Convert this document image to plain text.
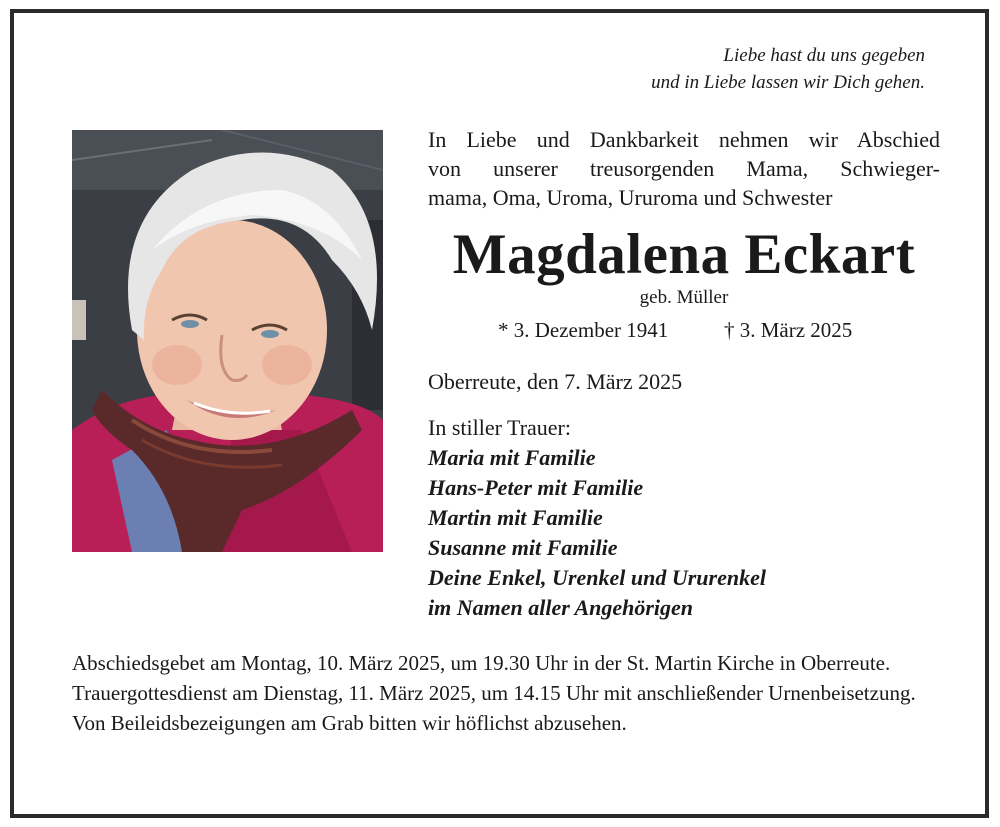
Liebe hast du uns gegeben
und in Liebe lassen wir Dich gehen.
In Liebe und Dankbarkeit nehmen wir Abschied
von unserer treusorgenden Mama, Schwieger-
mama, Oma, Uroma, Ururoma und Schwester
Magdalena Eckart
geb. Müller
* 3. Dezember 1941	† 3. März 2025
Oberreute, den 7. März 2025
In stiller Trauer:
Maria mit Familie
Hans-Peter mit Familie
Martin mit Familie
Susanne mit Familie
Deine Enkel, Urenkel und Ururenkel
im Namen aller Angehörigen
Abschiedsgebet am Montag, 10. März 2025, um 19.30 Uhr in der St. Martin Kirche in Oberreute.
Trauergottesdienst am Dienstag, 11. März 2025, um 14.15 Uhr mit anschließender Urnenbeisetzung.
Von Beileidsbezeigungen am Grab bitten wir höflichst abzusehen.
